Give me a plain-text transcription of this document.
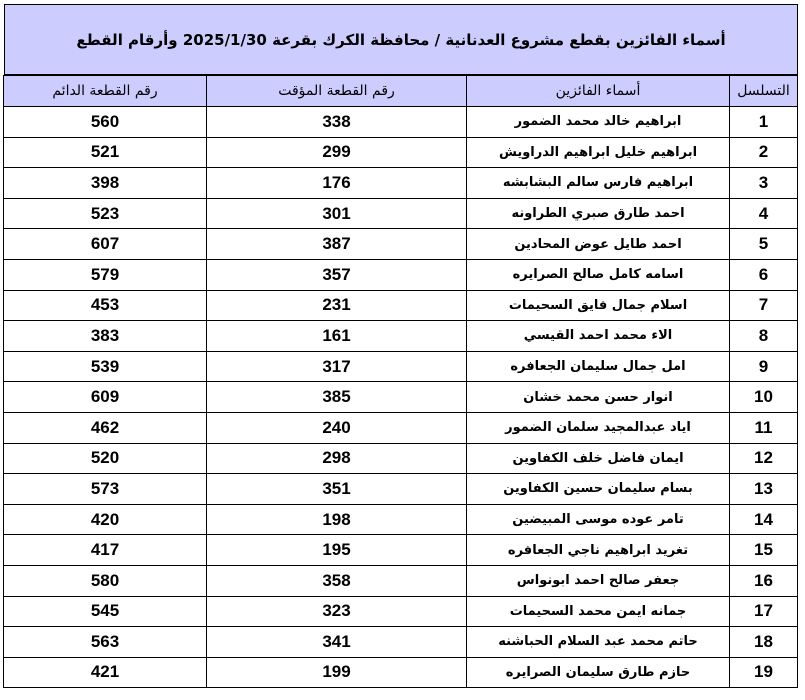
أسماء الفائزين بقطع مشروع العدنانية / محافظة الكرك بقرعة 2025/1/30 وأرقام القطع
التسلسل	أسماء الفائزين	رقم القطعة المؤقت	رقم القطعة الدائم
1	ابراهيم خالد محمد الضمور	338	560
2	ابراهيم خليل ابراهيم الدراويش	299	521
3	ابراهيم فارس سالم البشابشه	176	398
4	احمد طارق صبري الطراونه	301	523
5	احمد طايل عوض المحادين	387	607
6	اسامه كامل صالح الصرايره	357	579
7	اسلام جمال فايق السحيمات	231	453
8	الاء محمد احمد القيسي	161	383
9	امل جمال سليمان الجعافره	317	539
10	انوار حسن محمد خشان	385	609
11	اياد عبدالمجيد سلمان الضمور	240	462
12	ايمان فاضل خلف الكفاوين	298	520
13	بسام سليمان حسين الكفاوين	351	573
14	تامر عوده موسى المبيضين	198	420
15	تغريد ابراهيم ناجي الجعافره	195	417
16	جعفر صالح احمد ابونواس	358	580
17	جمانه ايمن محمد السحيمات	323	545
18	حاتم محمد عبد السلام الحباشنه	341	563
19	حازم طارق سليمان الصرايره	199	421
